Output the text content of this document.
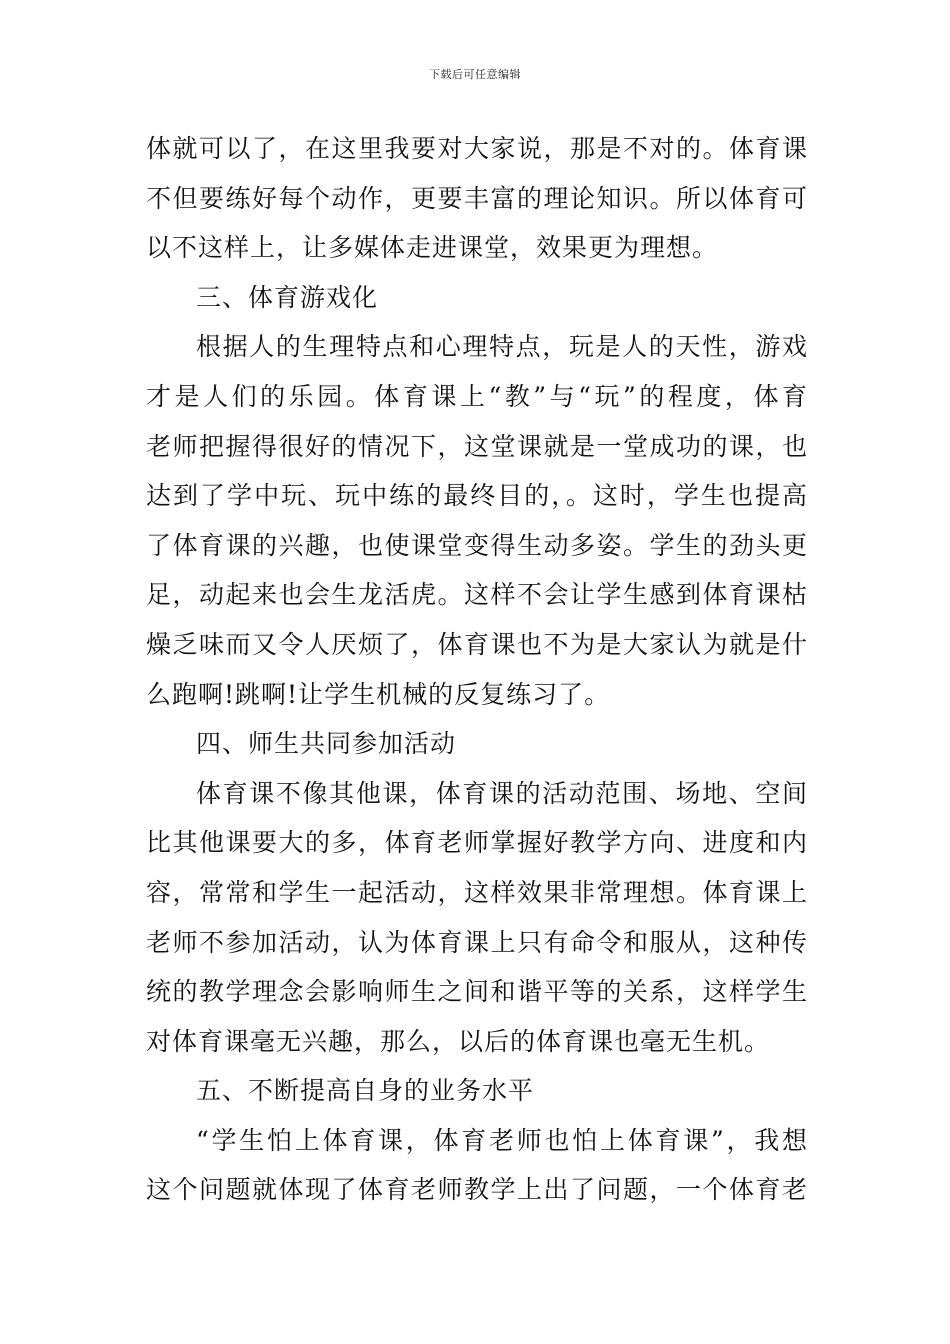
下载后可任意编辑
体就可以了，在这里我要对大家说，那是不对的。体育课
不但要练好每个动作，更要丰富的理论知识。所以体育可
以不这样上，让多媒体走进课堂，效果更为理想。
三、体育游戏化
根据人的生理特点和心理特点，玩是人的天性，游戏
才是人们的乐园。体育课上“教”与“玩”的程度，体育
老师把握得很好的情况下，这堂课就是一堂成功的课，也
达到了学中玩、玩中练的最终目的，。这时，学生也提高
了体育课的兴趣，也使课堂变得生动多姿。学生的劲头更
足，动起来也会生龙活虎。这样不会让学生感到体育课枯
燥乏味而又令人厌烦了，体育课也不为是大家认为就是什
么跑啊!跳啊!让学生机械的反复练习了。
四、师生共同参加活动
体育课不像其他课，体育课的活动范围、场地、空间
比其他课要大的多，体育老师掌握好教学方向、进度和内
容，常常和学生一起活动，这样效果非常理想。体育课上
老师不参加活动，认为体育课上只有命令和服从，这种传
统的教学理念会影响师生之间和谐平等的关系，这样学生
对体育课毫无兴趣，那么，以后的体育课也毫无生机。
五、不断提高自身的业务水平
“学生怕上体育课，体育老师也怕上体育课”，我想
这个问题就体现了体育老师教学上出了问题，一个体育老
